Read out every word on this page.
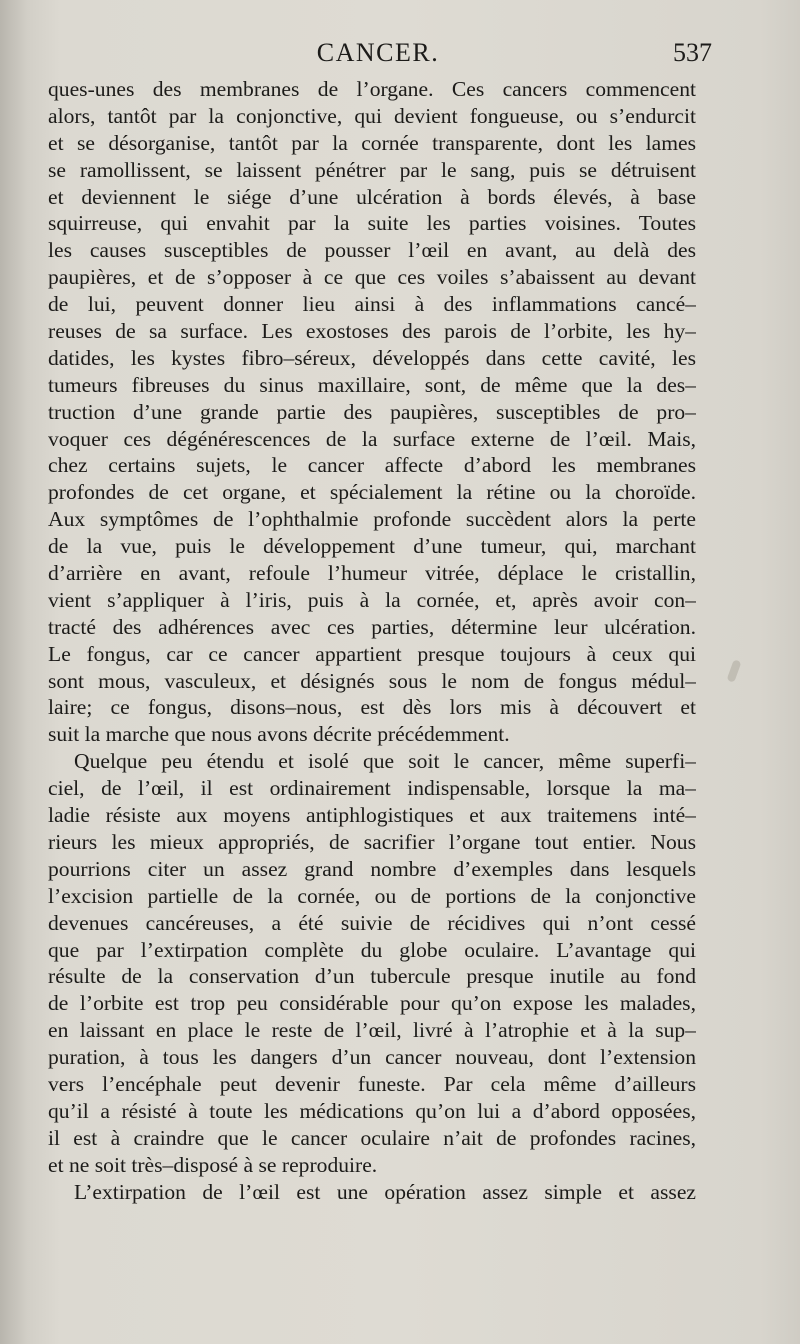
CANCER.	537
ques-unes des membranes de l’organe. Ces cancers commencent
alors, tantôt par la conjonctive, qui devient fongueuse, ou s’endurcit
et se désorganise, tantôt par la cornée transparente, dont les lames
se ramollissent, se laissent pénétrer par le sang, puis se détruisent
et deviennent le siége d’une ulcération à bords élevés, à base
squirreuse, qui envahit par la suite les parties voisines. Toutes
les causes susceptibles de pousser l’œil en avant, au delà des
paupières, et de s’opposer à ce que ces voiles s’abaissent au devant
de lui, peuvent donner lieu ainsi à des inflammations cancé–
reuses de sa surface. Les exostoses des parois de l’orbite, les hy–
datides, les kystes fibro–séreux, développés dans cette cavité, les
tumeurs fibreuses du sinus maxillaire, sont, de même que la des–
truction d’une grande partie des paupières, susceptibles de pro–
voquer ces dégénérescences de la surface externe de l’œil. Mais,
chez certains sujets, le cancer affecte d’abord les membranes
profondes de cet organe, et spécialement la rétine ou la choroïde.
Aux symptômes de l’ophthalmie profonde succèdent alors la perte
de la vue, puis le développement d’une tumeur, qui, marchant
d’arrière en avant, refoule l’humeur vitrée, déplace le cristallin,
vient s’appliquer à l’iris, puis à la cornée, et, après avoir con–
tracté des adhérences avec ces parties, détermine leur ulcération.
Le fongus, car ce cancer appartient presque toujours à ceux qui
sont mous, vasculeux, et désignés sous le nom de fongus médul–
laire; ce fongus, disons–nous, est dès lors mis à découvert et
suit la marche que nous avons décrite précédemment.
Quelque peu étendu et isolé que soit le cancer, même superfi–
ciel, de l’œil, il est ordinairement indispensable, lorsque la ma–
ladie résiste aux moyens antiphlogistiques et aux traitemens inté–
rieurs les mieux appropriés, de sacrifier l’organe tout entier. Nous
pourrions citer un assez grand nombre d’exemples dans lesquels
l’excision partielle de la cornée, ou de portions de la conjonctive
devenues cancéreuses, a été suivie de récidives qui n’ont cessé
que par l’extirpation complète du globe oculaire. L’avantage qui
résulte de la conservation d’un tubercule presque inutile au fond
de l’orbite est trop peu considérable pour qu’on expose les malades,
en laissant en place le reste de l’œil, livré à l’atrophie et à la sup–
puration, à tous les dangers d’un cancer nouveau, dont l’extension
vers l’encéphale peut devenir funeste. Par cela même d’ailleurs
qu’il a résisté à toute les médications qu’on lui a d’abord opposées,
il est à craindre que le cancer oculaire n’ait de profondes racines,
et ne soit très–disposé à se reproduire.
L’extirpation de l’œil est une opération assez simple et assez
